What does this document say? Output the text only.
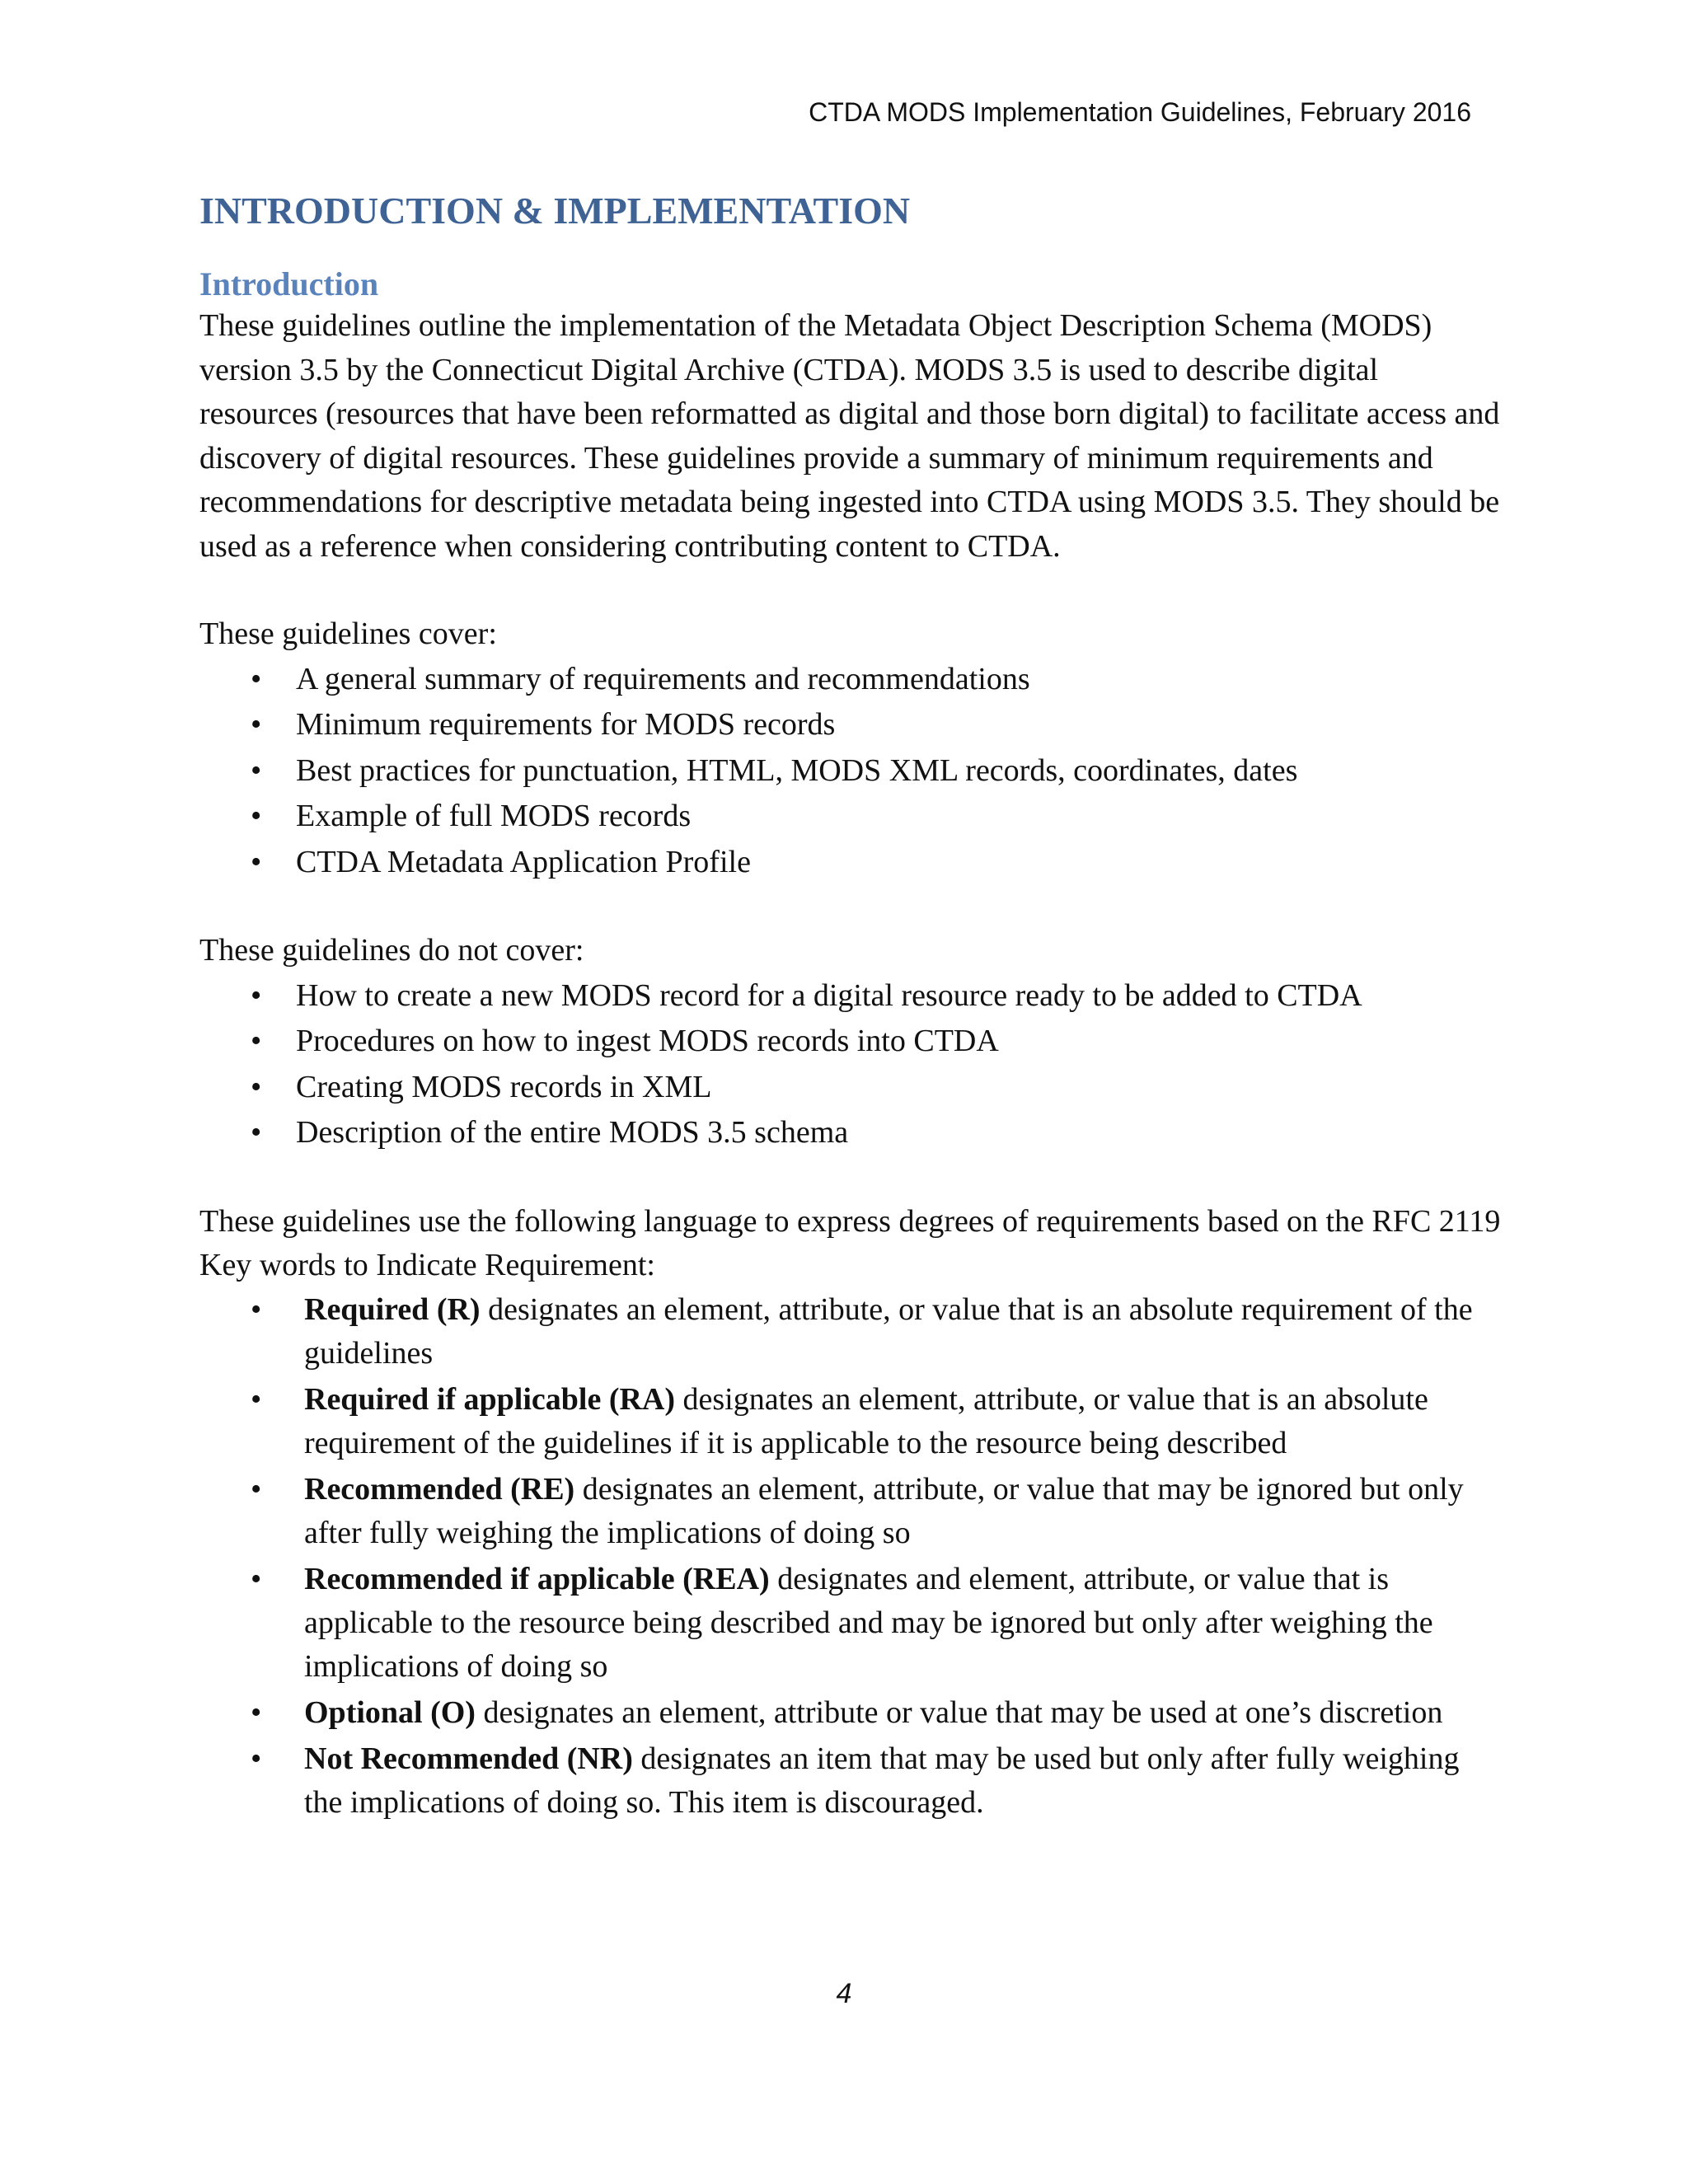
CTDA MODS Implementation Guidelines, February 2016
INTRODUCTION & IMPLEMENTATION
Introduction

These guidelines outline the implementation of the Metadata Object Description Schema (MODS) version 3.5 by the Connecticut Digital Archive (CTDA). MODS 3.5 is used to describe digital resources (resources that have been reformatted as digital and those born digital) to facilitate access and discovery of digital resources. These guidelines provide a summary of minimum requirements and recommendations for descriptive metadata being ingested into CTDA using MODS 3.5. They should be used as a reference when considering contributing content to CTDA.

These guidelines cover:

• A general summary of requirements and recommendations
• Minimum requirements for MODS records
• Best practices for punctuation, HTML, MODS XML records, coordinates, dates
• Example of full MODS records
• CTDA Metadata Application Profile

These guidelines do not cover:

• How to create a new MODS record for a digital resource ready to be added to CTDA
• Procedures on how to ingest MODS records into CTDA
• Creating MODS records in XML
• Description of the entire MODS 3.5 schema

These guidelines use the following language to express degrees of requirements based on the RFC 2119 Key words to Indicate Requirement:

• Required (R) designates an element, attribute, or value that is an absolute requirement of the guidelines
• Required if applicable (RA) designates an element, attribute, or value that is an absolute requirement of the guidelines if it is applicable to the resource being described
• Recommended (RE) designates an element, attribute, or value that may be ignored but only after fully weighing the implications of doing so
• Recommended if applicable (REA) designates and element, attribute, or value that is applicable to the resource being described and may be ignored but only after weighing the implications of doing so
• Optional (O) designates an element, attribute or value that may be used at one’s discretion
• Not Recommended (NR) designates an item that may be used but only after fully weighing the implications of doing so. This item is discouraged.
4
